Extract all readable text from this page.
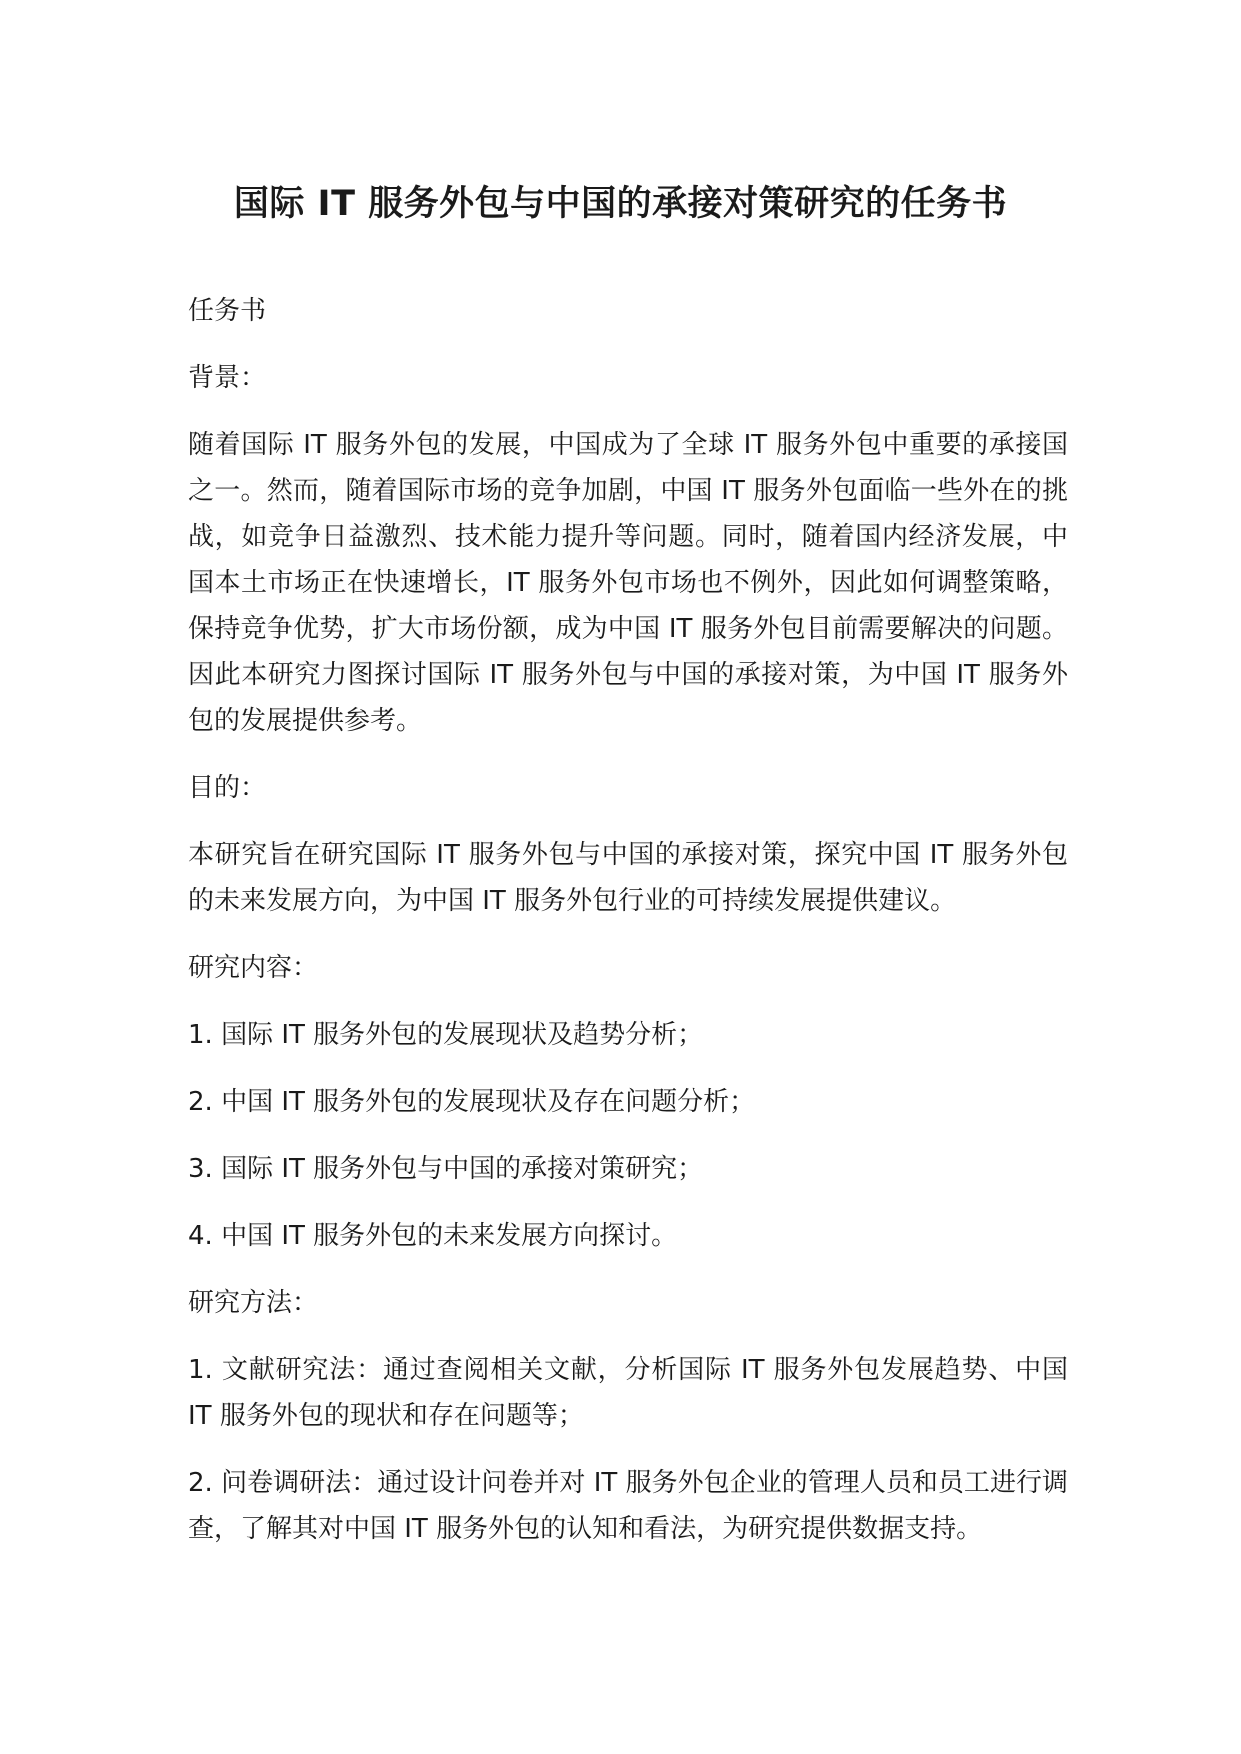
国际 IT 服务外包与中国的承接对策研究的任务书

任务书

背景：

随着国际 IT 服务外包的发展，中国成为了全球 IT 服务外包中重要的承接国之一。然而，随着国际市场的竞争加剧，中国 IT 服务外包面临一些外在的挑战，如竞争日益激烈、技术能力提升等问题。同时，随着国内经济发展，中国本土市场正在快速增长，IT 服务外包市场也不例外，因此如何调整策略，保持竞争优势，扩大市场份额，成为中国 IT 服务外包目前需要解决的问题。因此本研究力图探讨国际 IT 服务外包与中国的承接对策，为中国 IT 服务外包的发展提供参考。

目的：

本研究旨在研究国际 IT 服务外包与中国的承接对策，探究中国 IT 服务外包的未来发展方向，为中国 IT 服务外包行业的可持续发展提供建议。

研究内容：

1. 国际 IT 服务外包的发展现状及趋势分析；

2. 中国 IT 服务外包的发展现状及存在问题分析；

3. 国际 IT 服务外包与中国的承接对策研究；

4. 中国 IT 服务外包的未来发展方向探讨。

研究方法：

1. 文献研究法：通过查阅相关文献，分析国际 IT 服务外包发展趋势、中国 IT 服务外包的现状和存在问题等；

2. 问卷调研法：通过设计问卷并对 IT 服务外包企业的管理人员和员工进行调查，了解其对中国 IT 服务外包的认知和看法，为研究提供数据支持。
